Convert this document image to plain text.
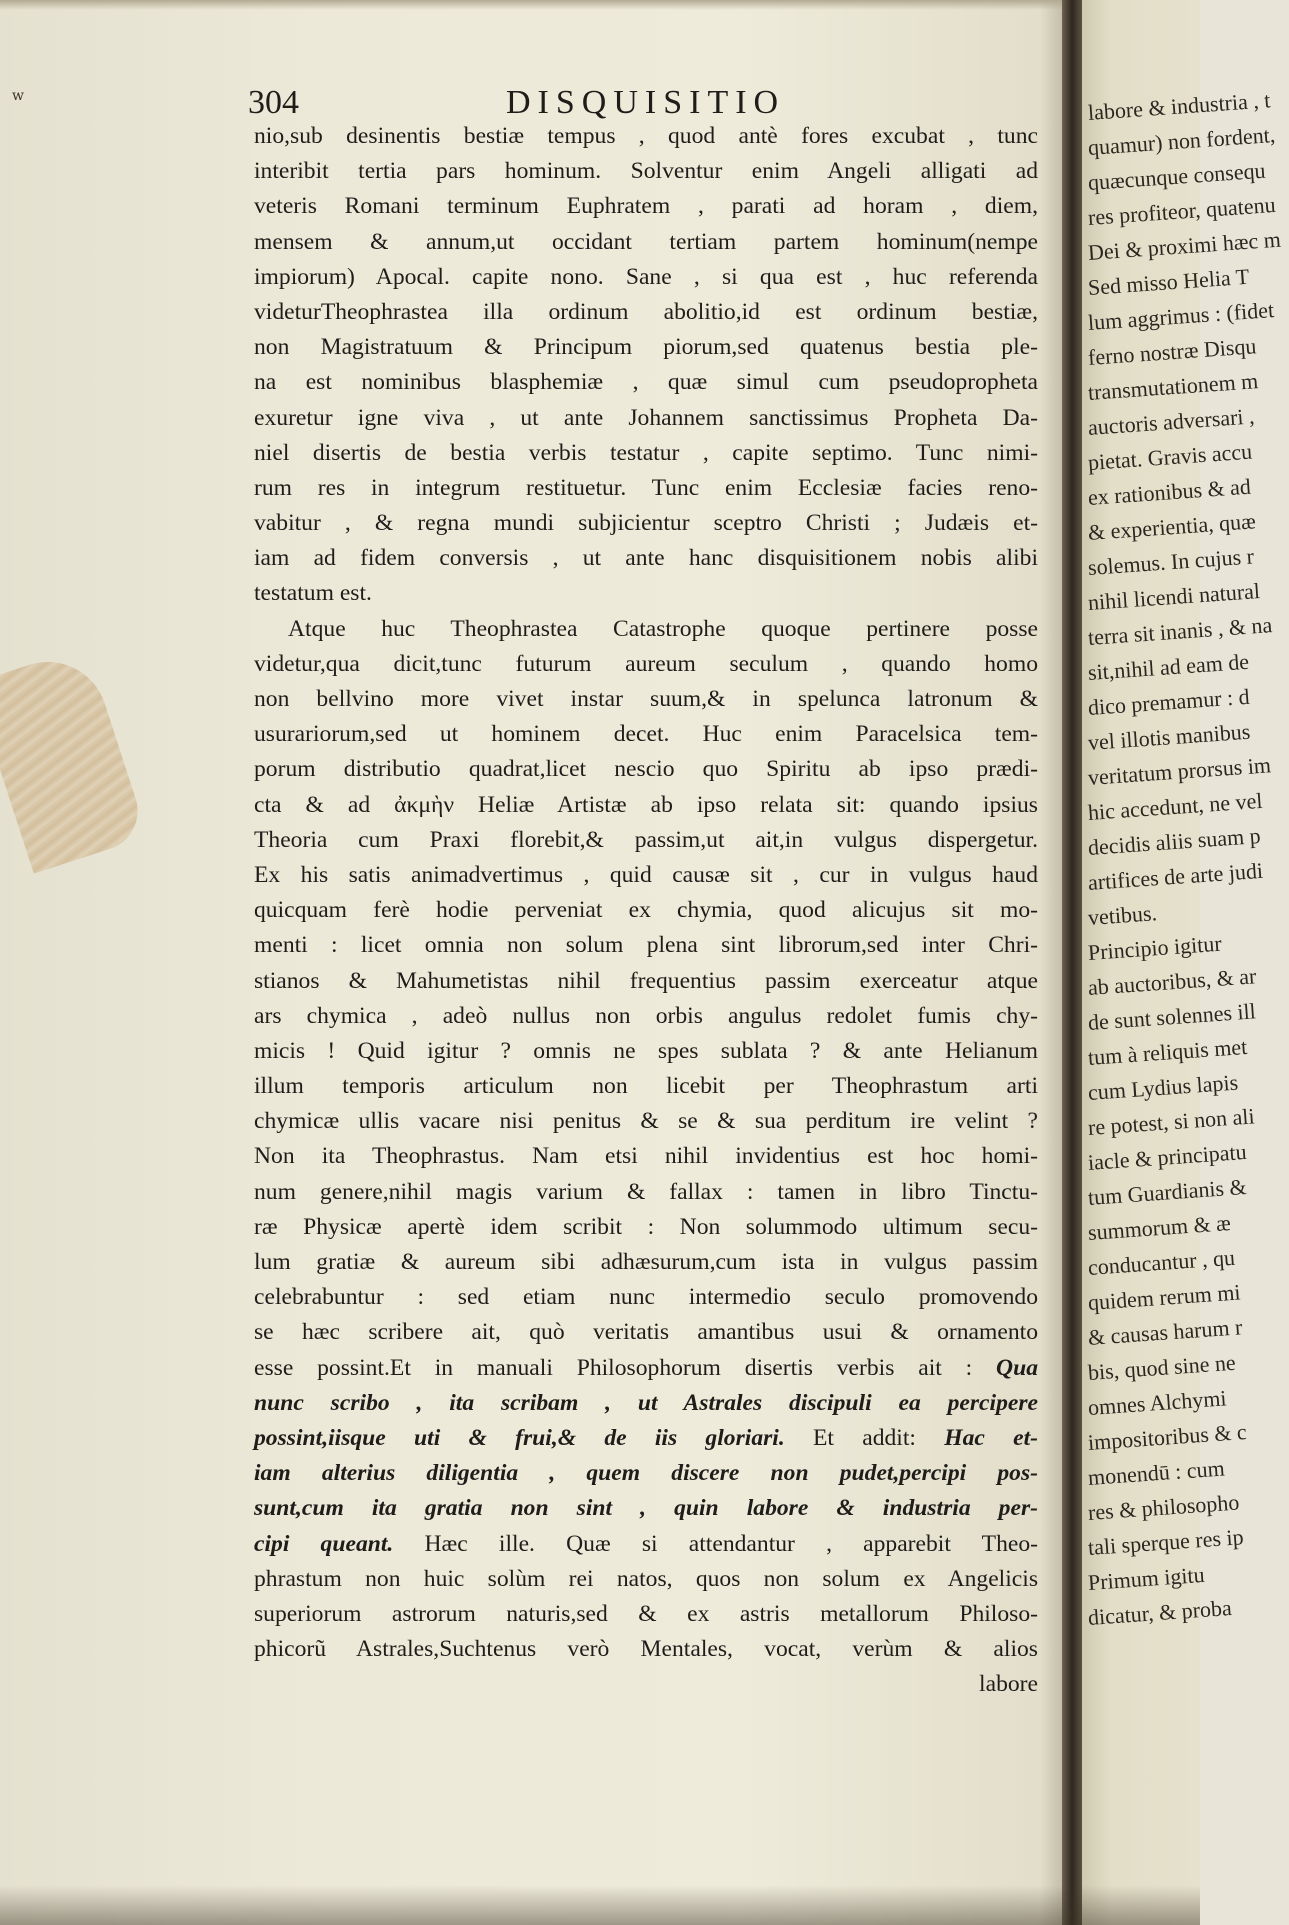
w	304	DISQUISITIO
nio,sub desinentis bestiæ tempus , quod antè fores excubat , tunc
interibit tertia pars hominum. Solventur enim Angeli alligati ad
veteris Romani terminum Euphratem , parati ad horam , diem,
mensem & annum,ut occidant tertiam partem hominum(nempe
impiorum) Apocal. capite nono. Sane , si qua est , huc referenda
videturTheophrastea illa ordinum abolitio,id est ordinum bestiæ,
non Magistratuum & Principum piorum,sed quatenus bestia ple-
na est nominibus blasphemiæ , quæ simul cum pseudopropheta
exuretur igne viva , ut ante Johannem sanctissimus Propheta Da-
niel disertis de bestia verbis testatur , capite septimo. Tunc nimi-
rum res in integrum restituetur. Tunc enim Ecclesiæ facies reno-
vabitur , & regna mundi subjicientur sceptro Christi ; Judæis et-
iam ad fidem conversis , ut ante hanc disquisitionem nobis alibi
testatum est.
Atque huc Theophrastea Catastrophe quoque pertinere posse
videtur,qua dicit,tunc futurum aureum seculum , quando homo
non bellvino more vivet instar suum,& in spelunca latronum &
usurariorum,sed ut hominem decet. Huc enim Paracelsica tem-
porum distributio quadrat,licet nescio quo Spiritu ab ipso prædi-
cta & ad ἀκμὴν Heliæ Artistæ ab ipso relata sit: quando ipsius
Theoria cum Praxi florebit,& passim,ut ait,in vulgus dispergetur.
Ex his satis animadvertimus , quid causæ sit , cur in vulgus haud
quicquam ferè hodie perveniat ex chymia, quod alicujus sit mo-
menti : licet omnia non solum plena sint librorum,sed inter Chri-
stianos & Mahumetistas nihil frequentius passim exerceatur atque
ars chymica , adeò nullus non orbis angulus redolet fumis chy-
micis ! Quid igitur ? omnis ne spes sublata ? & ante Helianum
illum temporis articulum non licebit per Theophrastum arti
chymicæ ullis vacare nisi penitus & se & sua perditum ire velint ?
Non ita Theophrastus. Nam etsi nihil invidentius est hoc homi-
num genere,nihil magis varium & fallax : tamen in libro Tinctu-
ræ Physicæ apertè idem scribit : Non solummodo ultimum secu-
lum gratiæ & aureum sibi adhæsurum,cum ista in vulgus passim
celebrabuntur : sed etiam nunc intermedio seculo promovendo
se hæc scribere ait, quò veritatis amantibus usui & ornamento
esse possint.Et in manuali Philosophorum disertis verbis ait : Qua
nunc scribo , ita scribam , ut Astrales discipuli ea percipere
possint,iisque uti & frui,& de iis gloriari. Et addit: Hac et-
iam alterius diligentia , quem discere non pudet,percipi pos-
sunt,cum ita gratia non sint , quin labore & industria per-
cipi queant. Hæc ille. Quæ si attendantur , apparebit Theo-
phrastum non huic solùm rei natos, quos non solum ex Angelicis
superiorum astrorum naturis,sed & ex astris metallorum Philoso-
phicorũ Astrales,Suchtenus verò Mentales, vocat, verùm & alios
labore
labore & industria , t
quamur) non fordent,
quæcunque consequ
res profiteor, quatenu
Dei & proximi hæc m
Sed misso Helia T
lum aggrimus : (fidet
ferno nostræ Disqu
transmutationem m
auctoris adversari ,
pietat. Gravis accu
ex rationibus & ad
& experientia, quæ
solemus. In cujus r
nihil licendi natural
terra sit inanis , & na
sit,nihil ad eam de
dico premamur : d
vel illotis manibus
veritatum prorsus im
hic accedunt, ne vel
decidis aliis suam p
artifices de arte judi
vetibus.
Principio igitur
ab auctoribus, & ar
de sunt solennes ill
tum à reliquis met
cum Lydius lapis
re potest, si non ali
iacle & principatu
tum Guardianis &
summorum & æ
conducantur , qu
quidem rerum mi
& causas harum r
bis, quod sine ne
omnes Alchymi
impositoribus & c
monendū : cum
res & philosopho
tali sperque res ip
Primum igitu
dicatur, & proba
